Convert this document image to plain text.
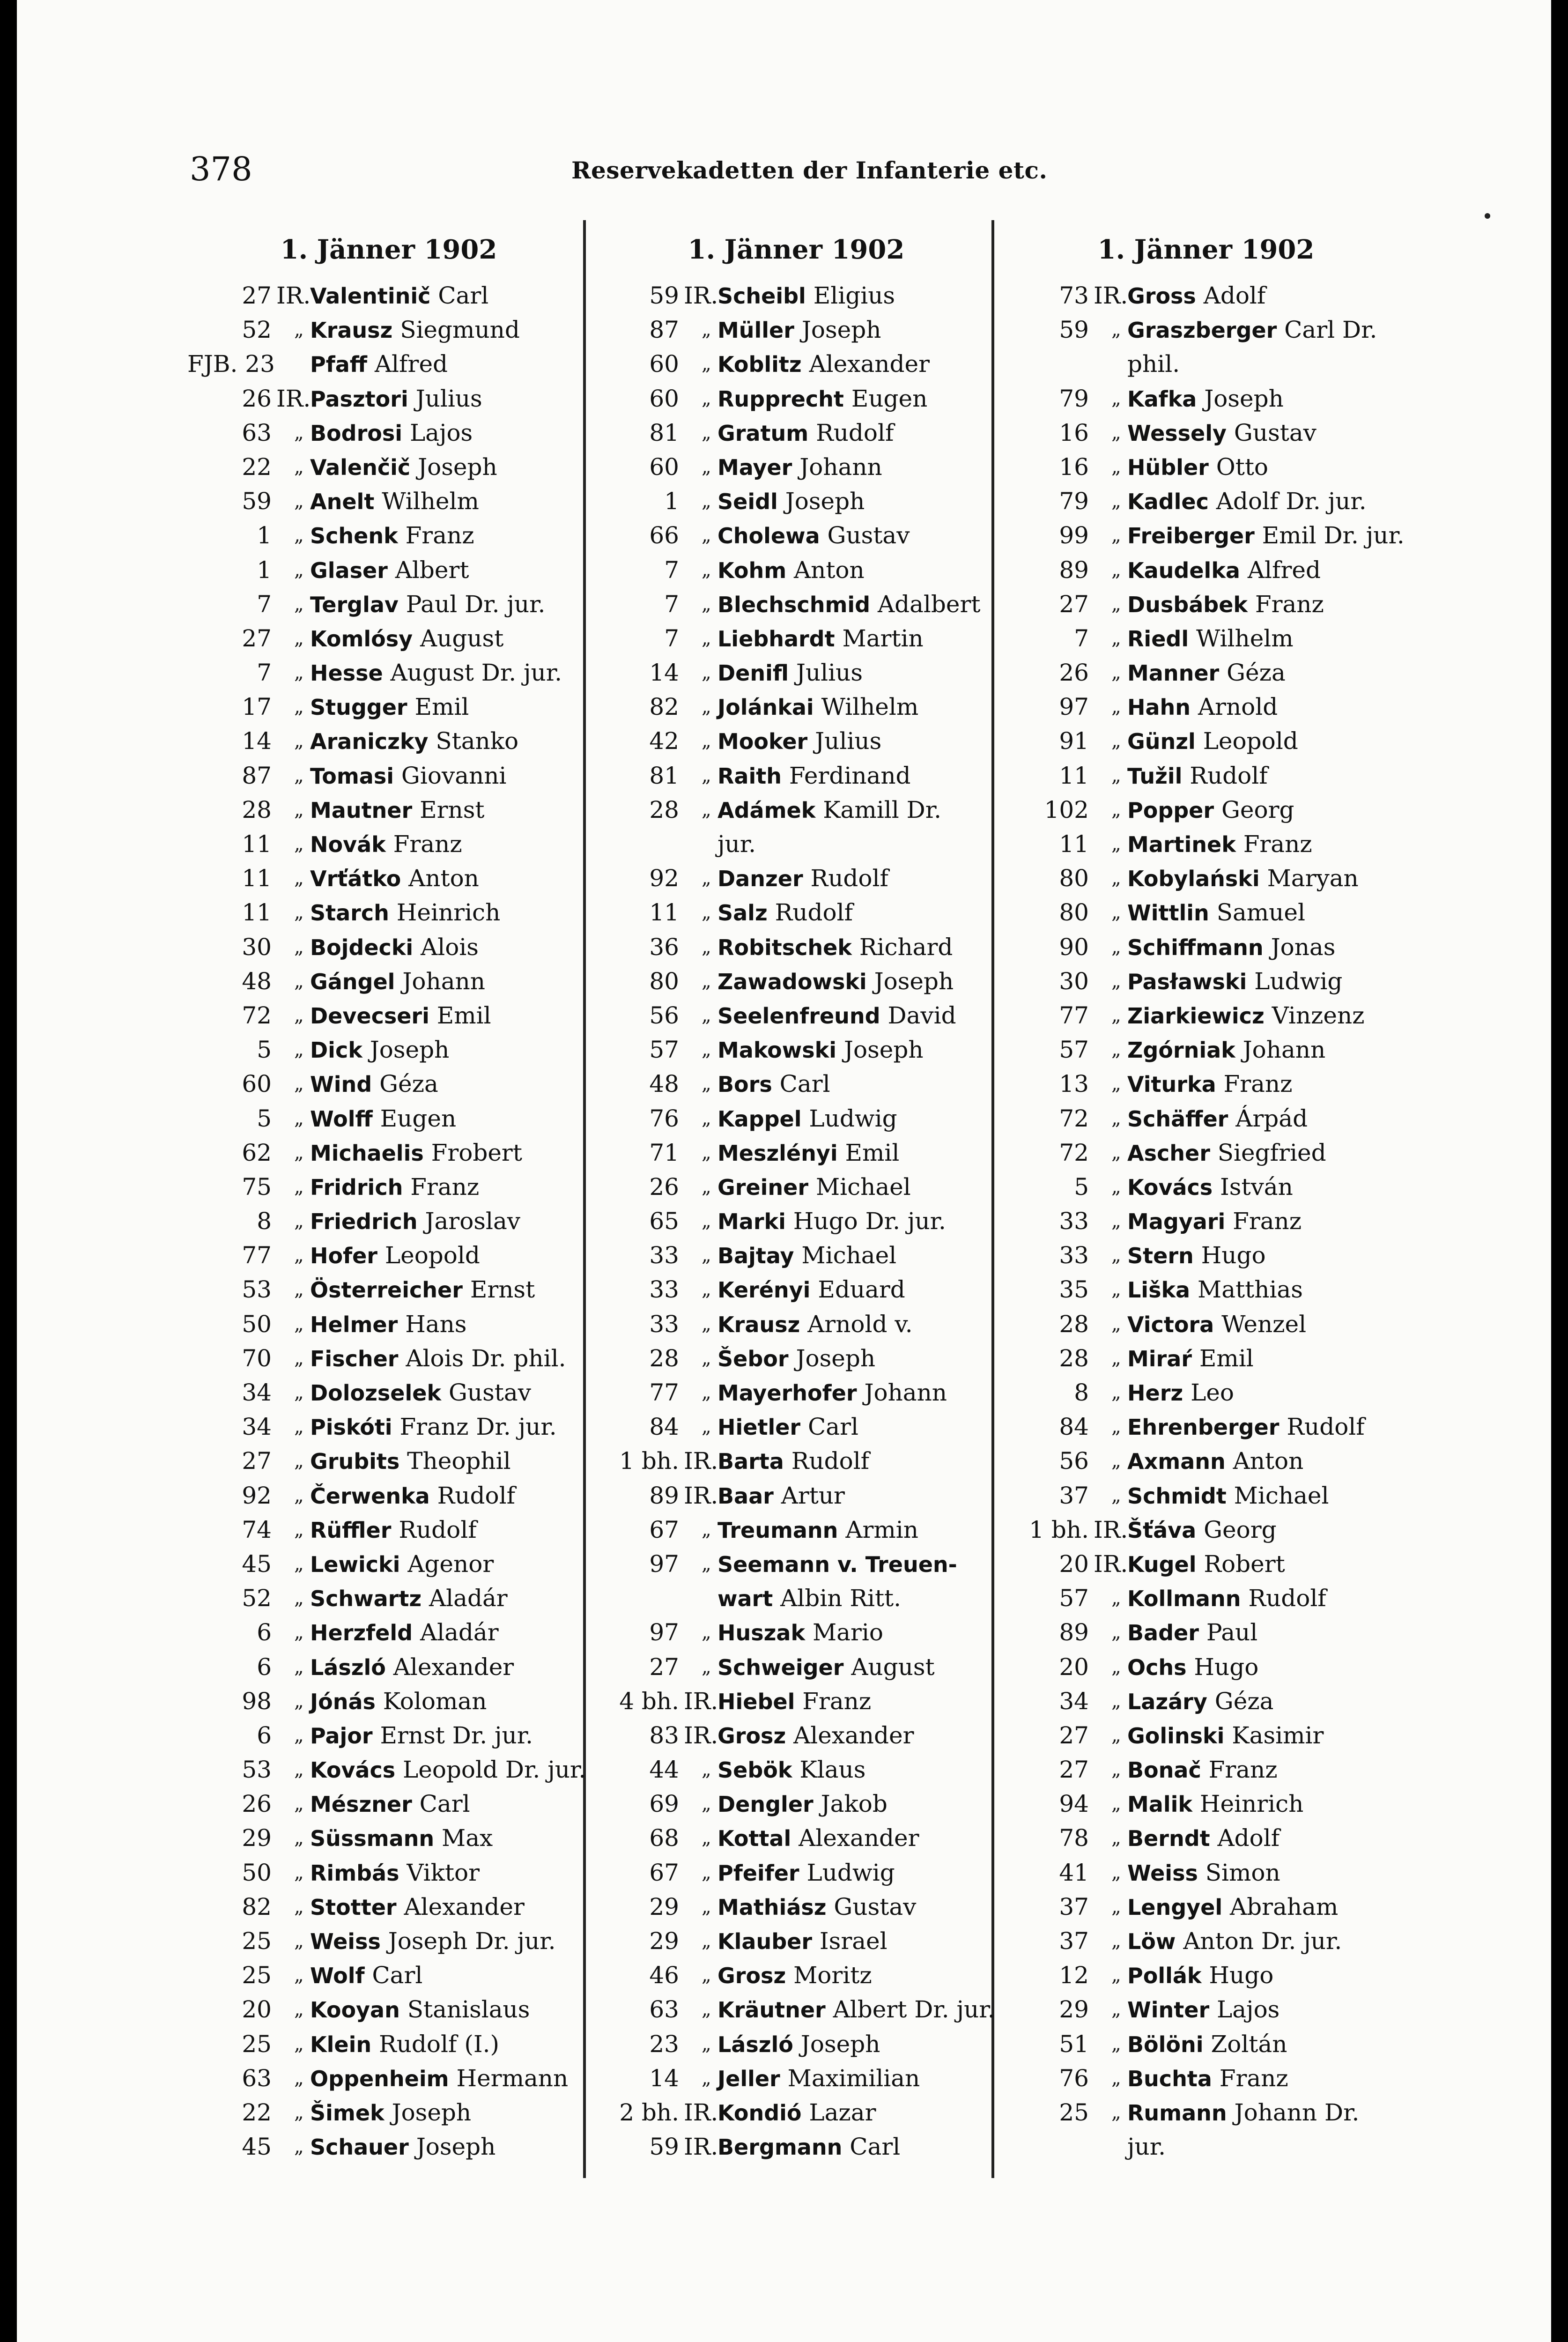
378	Reservekadetten der Infanterie etc.
1. Jänner 1902
27 IR.
Valentinič Carl
52 „ Krausz Siegmund
FJB. 23 Pfaff Alfred
26 IR.
Pasztori Julius
63 „ Bodrosi Lajos
22 „ Valenčič Joseph
59 „ Anelt Wilhelm
1 „ Schenk Franz
1 „ Glaser Albert
7 „ Terglav Paul Dr. jur.
27 „ Komlósy August
7 „ Hesse August Dr. jur.
17 „ Stugger Emil
14 „ Araniczky Stanko
87 „ Tomasi Giovanni
28 „ Mautner Ernst
11 „ Novák Franz
11 „ Vrťátko Anton
11 „ Starch Heinrich
30 „ Bojdecki Alois
48 „ Gángel Johann
72 „ Devecseri Emil
5 „ Dick Joseph
60 „ Wind Géza
5 „ Wolff Eugen
62 „ Michaelis Frobert
75 „ Fridrich Franz
8 „ Friedrich Jaroslav
77 „ Hofer Leopold
53 „ Österreicher Ernst
50 „ Helmer Hans
70 „ Fischer Alois Dr. phil.
34 „ Dolozselek Gustav
34 „ Piskóti Franz Dr. jur.
27 „ Grubits Theophil
92 „ Čerwenka Rudolf
74 „ Rüffler Rudolf
45 „ Lewicki Agenor
52 „ Schwartz Aladár
6 „ Herzfeld Aladár
6 „ László Alexander
98 „ Jónás Koloman
6 „ Pajor Ernst Dr. jur.
53 „ Kovács Leopold Dr. jur.
26 „ Mészner Carl
29 „ Süssmann Max
50 „ Rimbás Viktor
82 „ Stotter Alexander
25 „ Weiss Joseph Dr. jur.
25 „ Wolf Carl
20 „ Kooyan Stanislaus
25 „ Klein Rudolf (I.)
63 „ Oppenheim Hermann
22 „ Šimek Joseph
45 „ Schauer Joseph
1. Jänner 1902
59 IR.
Scheibl Eligius
87 „ Müller Joseph
60 „ Koblitz Alexander
60 „ Rupprecht Eugen
81 „ Gratum Rudolf
60 „ Mayer Johann
1 „ Seidl Joseph
66 „ Cholewa Gustav
7 „ Kohm Anton
7 „ Blechschmid Adalbert
7 „ Liebhardt Martin
14 „ Denifl Julius
82 „ Jolánkai Wilhelm
42 „ Mooker Julius
81 „ Raith Ferdinand
28 „ Adámek Kamill Dr.
jur.
92 „ Danzer Rudolf
11 „ Salz Rudolf
36 „ Robitschek Richard
80 „ Zawadowski Joseph
56 „ Seelenfreund David
57 „ Makowski Joseph
48 „ Bors Carl
76 „ Kappel Ludwig
71 „ Meszlényi Emil
26 „ Greiner Michael
65 „ Marki Hugo Dr. jur.
33 „ Bajtay Michael
33 „ Kerényi Eduard
33 „ Krausz Arnold v.
28 „ Šebor Joseph
77 „ Mayerhofer Johann
84 „ Hietler Carl
1 bh. IR.
Barta Rudolf
89 IR.
Baar Artur
67 „ Treumann Armin
97 „ Seemann v. Treuen-
wart Albin Ritt.
97 „ Huszak Mario
27 „ Schweiger August
4 bh. IR.
Hiebel Franz
83 IR.
Grosz Alexander
44 „ Sebök Klaus
69 „ Dengler Jakob
68 „ Kottal Alexander
67 „ Pfeifer Ludwig
29 „ Mathiász Gustav
29 „ Klauber Israel
46 „ Grosz Moritz
63 „ Kräutner Albert Dr. jur.
23 „ László Joseph
14 „ Jeller Maximilian
2 bh. IR.
Kondió Lazar
59 IR.
Bergmann Carl
1. Jänner 1902
73 IR.
Gross Adolf
59 „ Graszberger Carl Dr.
phil.
79 „ Kafka Joseph
16 „ Wessely Gustav
16 „ Hübler Otto
79 „ Kadlec Adolf Dr. jur.
99 „ Freiberger Emil Dr. jur.
89 „ Kaudelka Alfred
27 „ Dusbábek Franz
7 „ Riedl Wilhelm
26 „ Manner Géza
97 „ Hahn Arnold
91 „ Günzl Leopold
11 „ Tužil Rudolf
102 „ Popper Georg
11 „ Martinek Franz
80 „ Kobylański Maryan
80 „ Wittlin Samuel
90 „ Schiffmann Jonas
30 „ Pasławski Ludwig
77 „ Ziarkiewicz Vinzenz
57 „ Zgórniak Johann
13 „ Viturka Franz
72 „ Schäffer Árpád
72 „ Ascher Siegfried
5 „ Kovács István
33 „ Magyari Franz
33 „ Stern Hugo
35 „ Liška Matthias
28 „ Victora Wenzel
28 „ Miraŕ Emil
8 „ Herz Leo
84 „ Ehrenberger Rudolf
56 „ Axmann Anton
37 „ Schmidt Michael
1 bh. IR.
Šťáva Georg
20 IR.
Kugel Robert
57 „ Kollmann Rudolf
89 „ Bader Paul
20 „ Ochs Hugo
34 „ Lazáry Géza
27 „ Golinski Kasimir
27 „ Bonač Franz
94 „ Malik Heinrich
78 „ Berndt Adolf
41 „ Weiss Simon
37 „ Lengyel Abraham
37 „ Löw Anton Dr. jur.
12 „ Pollák Hugo
29 „ Winter Lajos
51 „ Bölöni Zoltán
76 „ Buchta Franz
25 „ Rumann Johann Dr.
jur.
